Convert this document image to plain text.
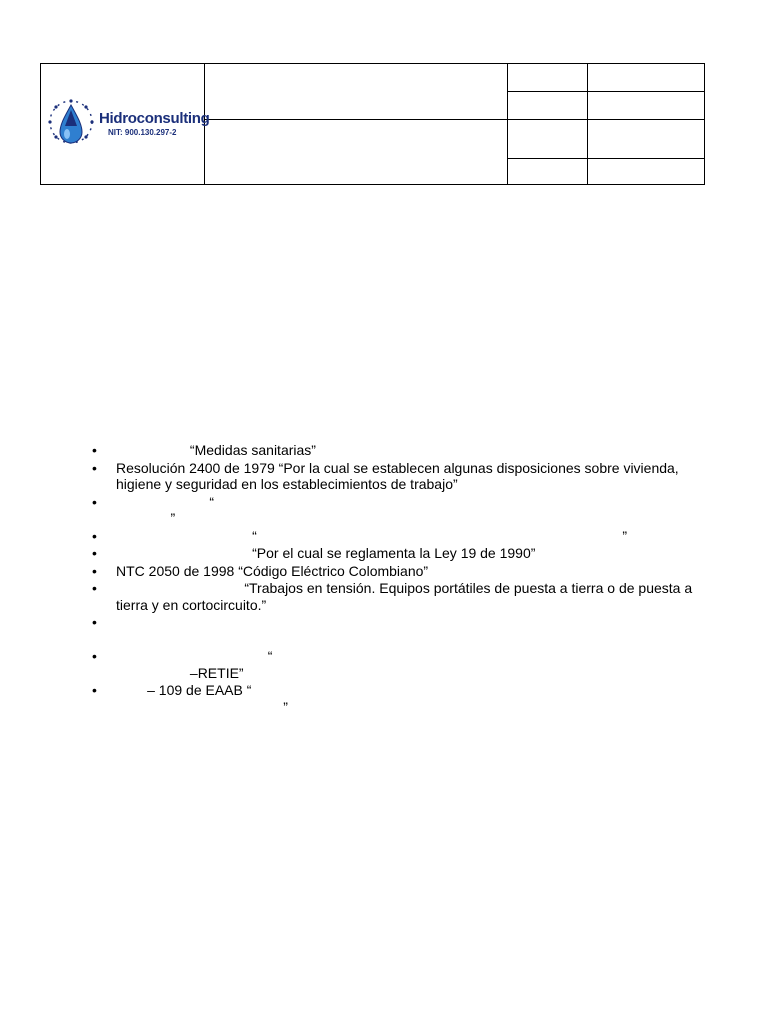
Hidroconsulting
NIT: 900.130.297-2			

•                    “Medidas sanitarias”
• Resolución 2400 de 1979 “Por la cual se establecen algunas disposiciones sobre vivienda,
higiene y seguridad en los establecimientos de trabajo”
•                         “
”
•                                    “                                                                                              ”
•                                    “Por el cual se reglamenta la Ley 19 de 1990”
• NTC 2050 de 1998 “Código Eléctrico Colombiano”
•                                  “Trabajos en tensión. Equipos portátiles de puesta a tierra o de puesta a
tierra y en cortocircuito.”
•

•                                        “
–RETIE”
•         – 109 de EAAB “
”
